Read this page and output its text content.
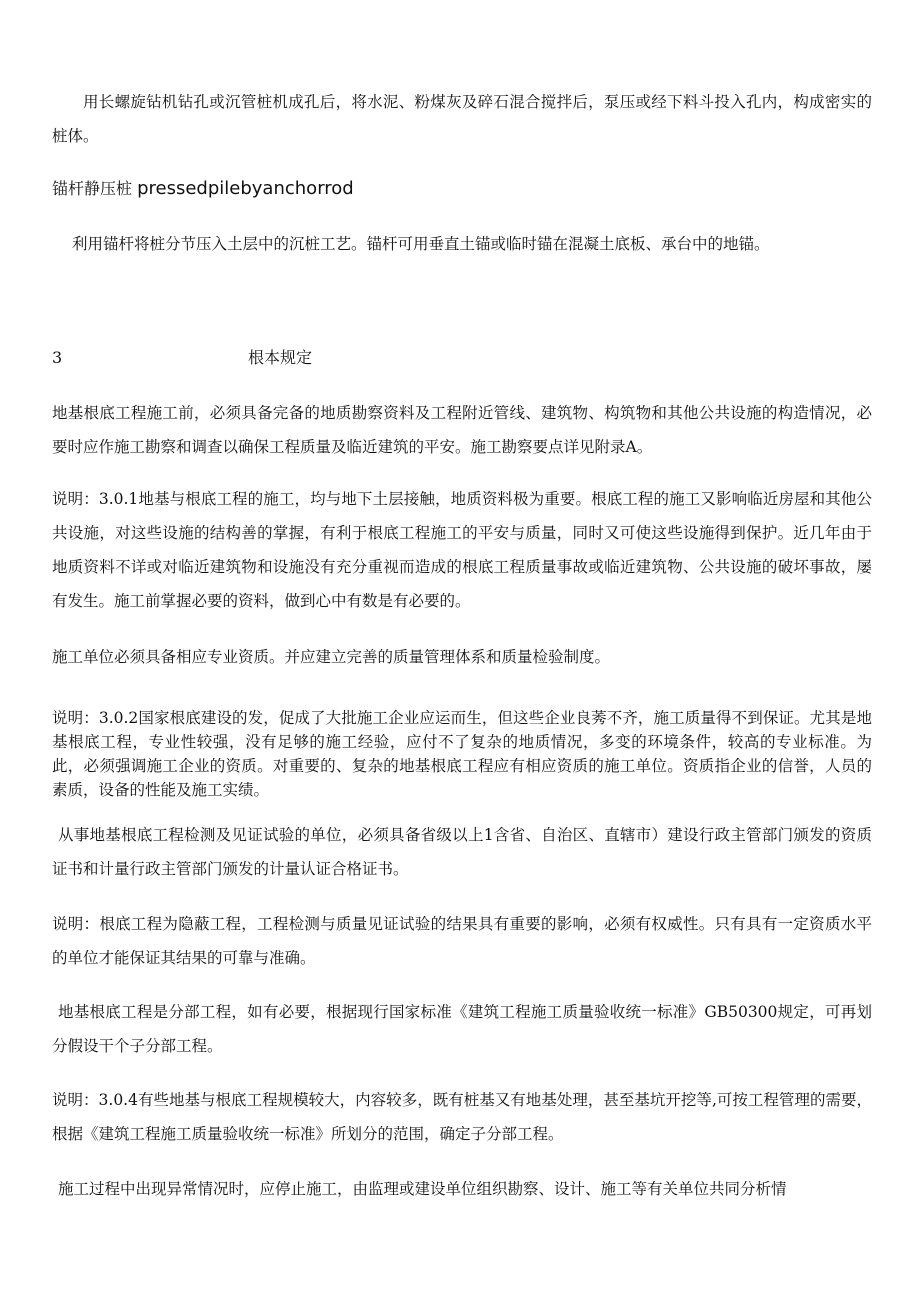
用长螺旋钻机钻孔或沉管桩机成孔后，将水泥、粉煤灰及碎石混合搅拌后，泵压或经下料斗投入孔内，构成密实的桩体。

锚杆静压桩 pressedpilebyanchorrod

利用锚杆将桩分节压入土层中的沉桩工艺。锚杆可用垂直土锚或临时锚在混凝土底板、承台中的地锚。

3	根本规定

地基根底工程施工前，必须具备完备的地质勘察资料及工程附近管线、建筑物、构筑物和其他公共设施的构造情况，必要时应作施工勘察和调查以确保工程质量及临近建筑的平安。施工勘察要点详见附录A。

说明：3.0.1地基与根底工程的施工，均与地下土层接触，地质资料极为重要。根底工程的施工又影响临近房屋和其他公共设施，对这些设施的结构善的掌握，有利于根底工程施工的平安与质量，同时又可使这些设施得到保护。近几年由于地质资料不详或对临近建筑物和设施没有充分重视而造成的根底工程质量事故或临近建筑物、公共设施的破坏事故，屡有发生。施工前掌握必要的资料，做到心中有数是有必要的。

施工单位必须具备相应专业资质。并应建立完善的质量管理体系和质量检验制度。

说明：3.0.2国家根底建设的发，促成了大批施工企业应运而生，但这些企业良莠不齐，施工质量得不到保证。尤其是地基根底工程，专业性较强，没有足够的施工经验，应付不了复杂的地质情况，多变的环境条件，较高的专业标准。为此，必须强调施工企业的资质。对重要的、复杂的地基根底工程应有相应资质的施工单位。资质指企业的信誉，人员的素质，设备的性能及施工实绩。

从事地基根底工程检测及见证试验的单位，必须具备省级以上1含省、自治区、直辖市）建设行政主管部门颁发的资质证书和计量行政主管部门颁发的计量认证合格证书。

说明：根底工程为隐蔽工程，工程检测与质量见证试验的结果具有重要的影响，必须有权威性。只有具有一定资质水平的单位才能保证其结果的可靠与准确。

地基根底工程是分部工程，如有必要，根据现行国家标准《建筑工程施工质量验收统一标准》GB50300规定，可再划分假设干个子分部工程。

说明：3.0.4有些地基与根底工程规模较大，内容较多，既有桩基又有地基处理，甚至基坑开挖等,可按工程管理的需要，根据《建筑工程施工质量验收统一标准》所划分的范围，确定子分部工程。

施工过程中出现异常情况时，应停止施工，由监理或建设单位组织勘察、设计、施工等有关单位共同分析情
